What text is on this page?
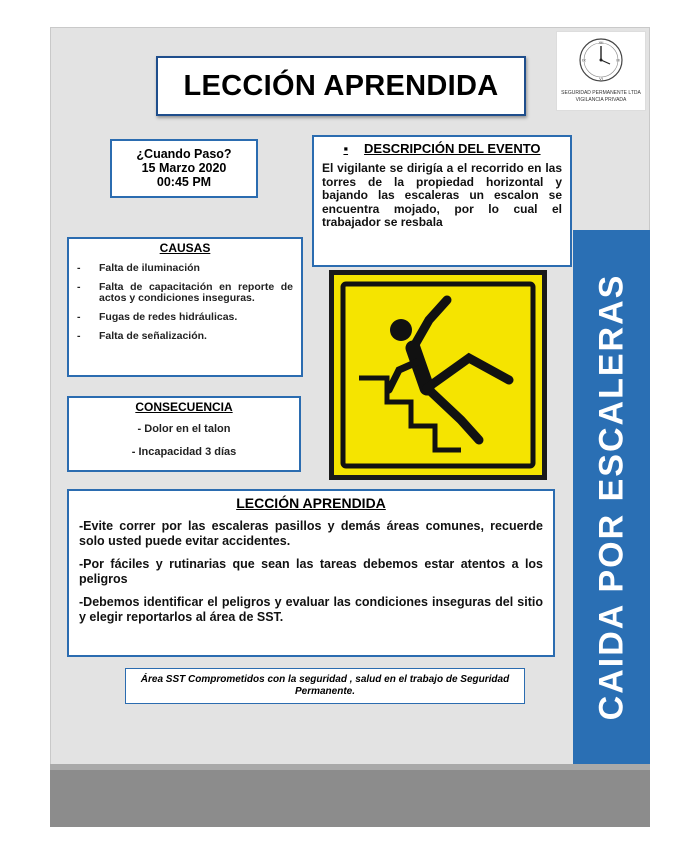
LECCIÓN APRENDIDA
XII
III
VI
IX
SEGURIDAD PERMANENTE LTDA
VIGILANCIA PRIVADA
¿Cuando Paso?
15 Marzo 2020
00:45 PM
▪ DESCRIPCIÓN DEL EVENTO
El vigilante se dirigía a el recorrido en las torres de la propiedad horizontal y bajando las escaleras un escalon se encuentra mojado, por lo cual el trabajador se resbala
CAUSAS
-	Falta de iluminación
-	Falta de capacitación en reporte de actos y condiciones inseguras.
-	Fugas de redes hidráulicas.
-	Falta de señalización.
CONSECUENCIA
- Dolor en el talon
- Incapacidad 3 días
LECCIÓN APRENDIDA

-Evite correr por las escaleras pasillos y demás áreas comunes, recuerde solo usted puede evitar accidentes.

-Por fáciles y rutinarias que sean las tareas debemos estar atentos a los peligros

-Debemos identificar el peligros y evaluar las condiciones inseguras del sitio y elegir reportarlos al área de SST.

Área SST Comprometidos con la seguridad , salud en el trabajo de Seguridad Permanente.	CAIDA POR ESCALERAS
